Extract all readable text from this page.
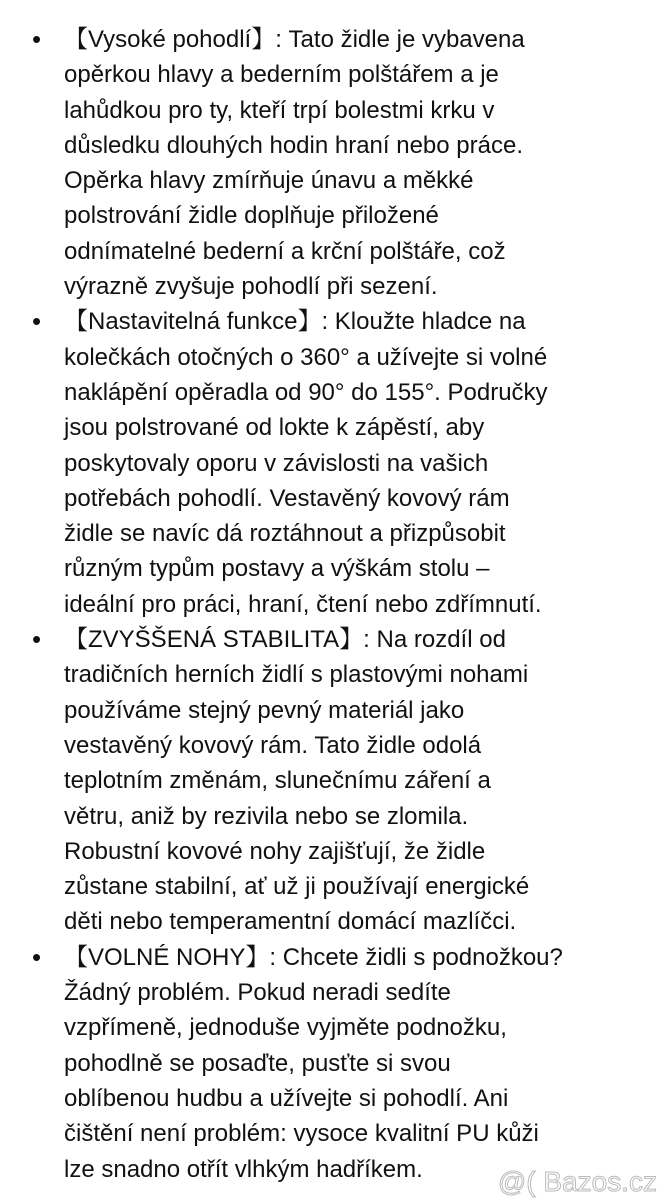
• 【Vysoké pohodlí】: Tato židle je vybavena
opěrkou hlavy a bederním polštářem a je
lahůdkou pro ty, kteří trpí bolestmi krku v
důsledku dlouhých hodin hraní nebo práce.
Opěrka hlavy zmírňuje únavu a měkké
polstrování židle doplňuje přiložené
odnímatelné bederní a krční polštáře, což
výrazně zvyšuje pohodlí při sezení.
• 【Nastavitelná funkce】: Kloužte hladce na
kolečkách otočných o 360° a užívejte si volné
naklápění opěradla od 90° do 155°. Područky
jsou polstrované od lokte k zápěstí, aby
poskytovaly oporu v závislosti na vašich
potřebách pohodlí. Vestavěný kovový rám
židle se navíc dá roztáhnout a přizpůsobit
různým typům postavy a výškám stolu –
ideální pro práci, hraní, čtení nebo zdřímnutí.
• 【ZVYŠŠENÁ STABILITA】: Na rozdíl od
tradičních herních židlí s plastovými nohami
používáme stejný pevný materiál jako
vestavěný kovový rám. Tato židle odolá
teplotním změnám, slunečnímu záření a
větru, aniž by rezivila nebo se zlomila.
Robustní kovové nohy zajišťují, že židle
zůstane stabilní, ať už ji používají energické
děti nebo temperamentní domácí mazlíčci.
• 【VOLNÉ NOHY】: Chcete židli s podnožkou?
Žádný problém. Pokud neradi sedíte
vzpřímeně, jednoduše vyjměte podnožku,
pohodlně se posaďte, pusťte si svou
oblíbenou hudbu a užívejte si pohodlí. Ani
čištění není problém: vysoce kvalitní PU kůži
lze snadno otřít vlhkým hadříkem.	@( Bazos.cz
